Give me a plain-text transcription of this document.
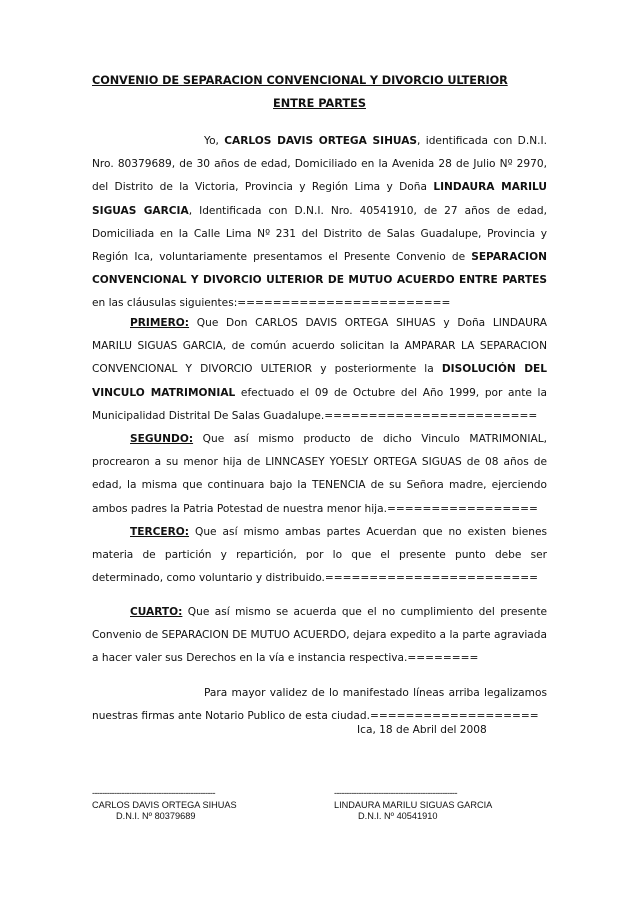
CONVENIO DE SEPARACION CONVENCIONAL Y DIVORCIO ULTERIOR
ENTRE PARTES

Yo, CARLOS DAVIS ORTEGA SIHUAS, identificada con D.N.I. Nro. 80379689, de 30 años de edad, Domiciliado en la Avenida 28 de Julio Nº 2970, del Distrito de la Victoria, Provincia y Región Lima y Doña LINDAURA MARILU SIGUAS GARCIA, Identificada con D.N.I. Nro. 40541910, de 27 años de edad, Domiciliada en la Calle Lima Nº 231 del Distrito de Salas Guadalupe, Provincia y Región Ica, voluntariamente presentamos el Presente Convenio de SEPARACION CONVENCIONAL Y DIVORCIO ULTERIOR DE MUTUO ACUERDO ENTRE PARTES en las cláusulas siguientes:========================

PRIMERO: Que Don CARLOS DAVIS ORTEGA SIHUAS y Doña LINDAURA MARILU SIGUAS GARCIA, de común acuerdo solicitan la AMPARAR LA SEPARACION CONVENCIONAL Y DIVORCIO ULTERIOR y posteriormente la DISOLUCIÓN DEL VINCULO MATRIMONIAL efectuado el 09 de Octubre del Año 1999, por ante la Municipalidad Distrital De Salas Guadalupe.========================

SEGUNDO: Que así mismo producto de dicho Vinculo MATRIMONIAL, procrearon a su menor hija de LINNCASEY YOESLY ORTEGA SIGUAS de 08 años de edad, la misma que continuara bajo la TENENCIA de su Señora madre, ejerciendo ambos padres la Patria Potestad de nuestra menor hija.=================

TERCERO: Que así mismo ambas partes Acuerdan que no existen bienes materia de partición y repartición, por lo que el presente punto debe ser determinado, como voluntario y distribuido.========================

CUARTO: Que así mismo se acuerda que el no cumplimiento del presente Convenio de SEPARACION DE MUTUO ACUERDO, dejara expedito a la parte agraviada a hacer valer sus Derechos en la vía e instancia respectiva.========

Para mayor validez de lo manifestado líneas arriba legalizamos nuestras firmas ante Notario Publico de esta ciudad.===================

Ica, 18 de Abril del 2008
--------------------------------------------------
CARLOS DAVIS ORTEGA SIHUAS
D.N.I. Nº 80379689
--------------------------------------------------
LINDAURA MARILU SIGUAS GARCIA
D.N.I. Nº 40541910
